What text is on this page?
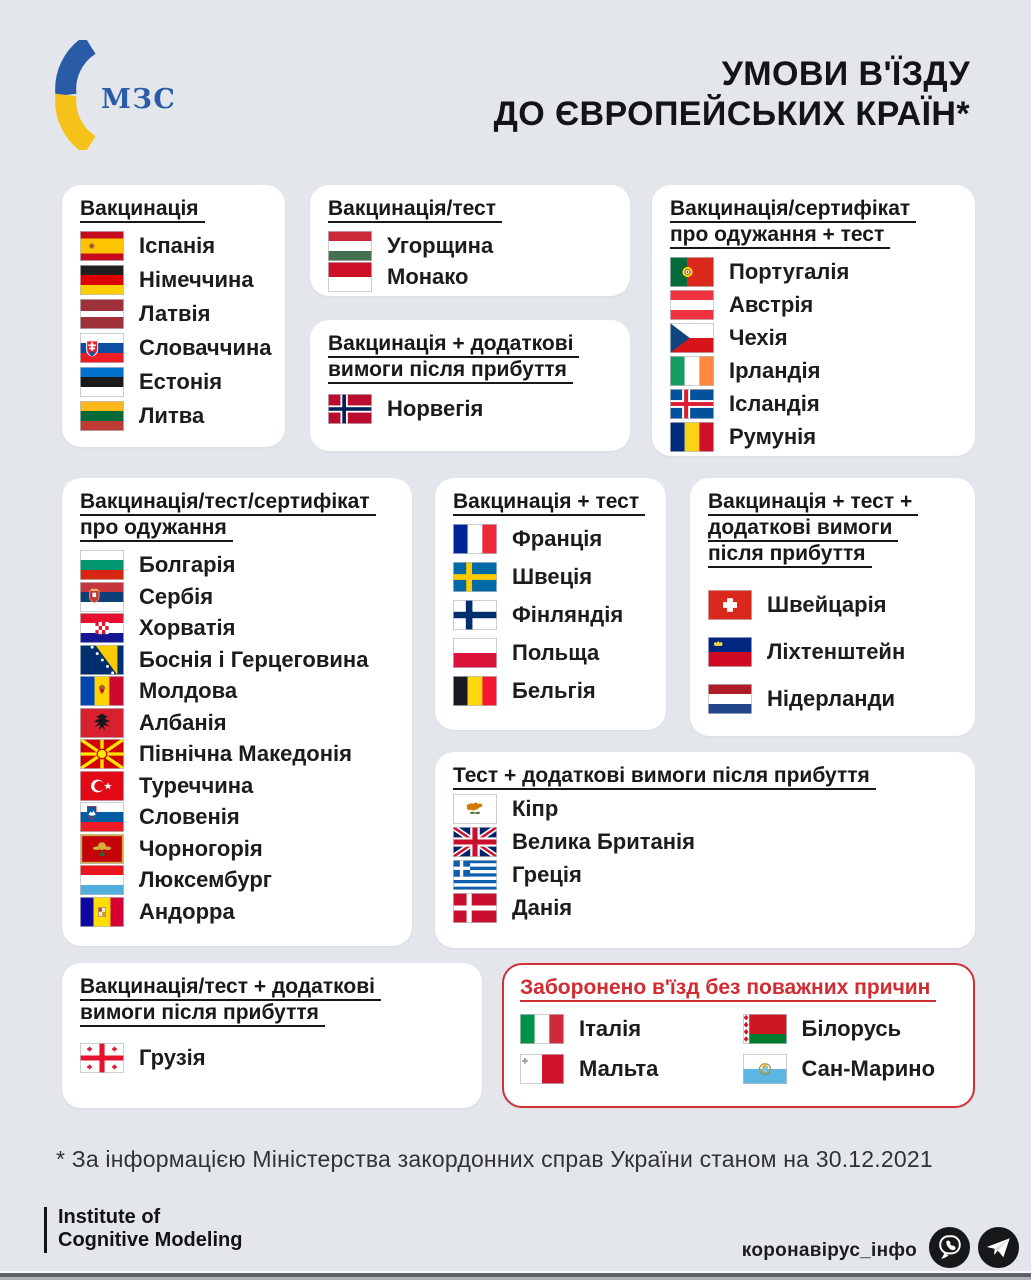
МЗС
УМОВИ В'ЇЗДУ
ДО ЄВРОПЕЙСЬКИХ КРАЇН*
Вакцинація
Іспанія
Німеччина
Латвія
Словаччина
Естонія
Литва
Вакцинація/тест
Угорщина
Монако
Вакцинація/сертифікат
про одужання + тест
Португалія
Австрія
Чехія
Ірландія
Ісландія
Румунія
Вакцинація + додаткові
вимоги після прибуття
Норвегія
Вакцинація/тест/сертифікат
про одужання
Болгарія
Сербія
Хорватія
Боснія і Герцеговина
Молдова
Албанія
Північна Македонія
Туреччина
Словенія
Чорногорія
Люксембург
Андорра
Вакцинація + тест
Франція
Швеція
Фінляндія
Польща
Бельгія
Вакцинація + тест +
додаткові вимоги
після прибуття
Швейцарія
Ліхтенштейн
Нідерланди
Тест + додаткові вимоги після прибуття
Кіпр
Велика Британія
Греція
Данія
Вакцинація/тест + додаткові
вимоги після прибуття
Грузія
Заборонено в'їзд без поважних причин
Італія	Білорусь
Мальта	Сан-Марино
* За інформацією Міністерства закордонних справ України станом на 30.12.2021
Institute of
Cognitive Modeling	коронавірус_інфо
